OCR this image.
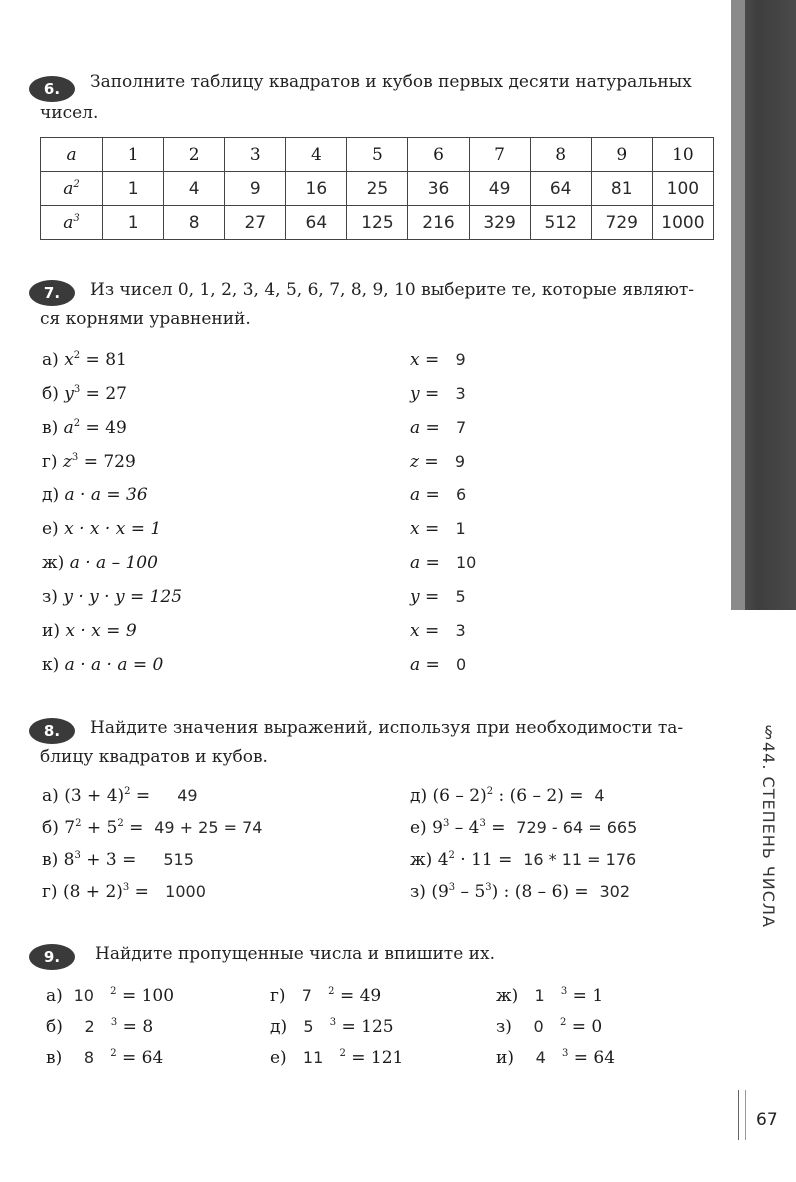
§44. СТЕПЕНЬ ЧИСЛА
67
6.	Заполните таблицу квадратов и кубов первых десяти натуральных
чисел.
a	1	2	3	4	5	6	7	8	9	10
$a^2$	1	4	9	16	25	36	49	64	81	100
$a^3$	1	8	27	64	125	216	329	512	729	1000
7.	Из чисел 0, 1, 2, 3, 4, 5, 6, 7, 8, 9, 10 выберите те, которые являют-
ся корнями уравнений.
а) $x^2 = 81$
б) $y^3 = 27$
в) $a^2 = 49$
г) $z^3 = 729$
д) a · a = 36
е) x · x · x = 1
ж) a · a – 100
з) y · y · y = 125
и) x · x = 9
к) a · a · a = 0
x =   9
y =   3
a =   7
z =   9
a =   6
x =   1
a =   10
y =   5
x =   3
a =   0
8.	Найдите значения выражений, используя при необходимости та-
блицу квадратов и кубов.
а) $(3 + 4)^2 = 49$
б) $7^2 + 5^2 = 49 + 25 = 74$
в) $8^3 + 3 = 515$
г) $(8 + 2)^3 = 1000$
д) (6 – 2)$^2$ : (6 – 2) = 4
е) $9^3 - 4^3 = 729 - 64 = 665$
ж) $4^2 \cdot 11 = 16 * 11 = 176$
з) $(9^3 - 5^3)$ : (8 – 6) = 302
9.	Найдите пропущенные числа и впишите их.
а) 10 $^2$ = 100
б) 2 $^3$ = 8
в) 8 $^2$ = 64
г) 7 $^2$ = 49
д) 5 $^3$ = 125
е) 11 $^2$ = 121
ж) 1 $^3$ = 1
з) 0 $^2$ = 0
и) 4 $^3$ = 64
